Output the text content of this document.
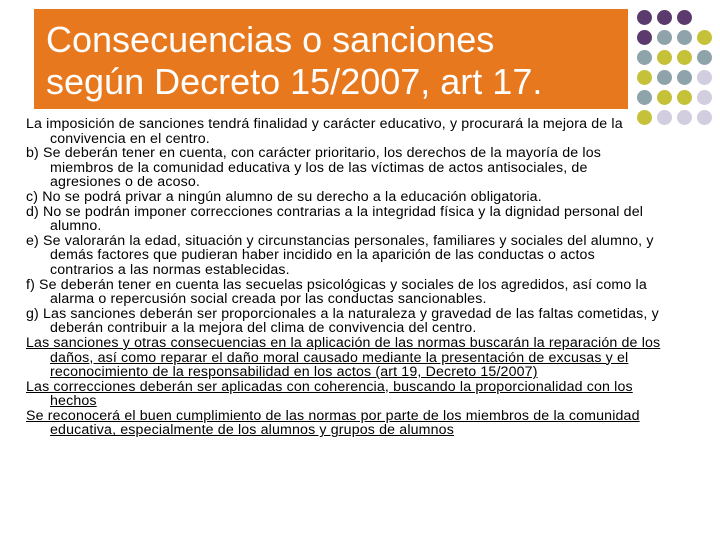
Consecuencias o sanciones
según Decreto 15/2007, art 17.

La imposición de sanciones tendrá finalidad y carácter educativo, y procurará la mejora de la convivencia en el centro.

b) Se deberán tener en cuenta, con carácter prioritario, los derechos de la mayoría de los miembros de la comunidad educativa y los de las víctimas de actos antisociales, de agresiones o de acoso.

c) No se podrá privar a ningún alumno de su derecho a la educación obligatoria.

d) No se podrán imponer correcciones contrarias a la integridad física y la dignidad personal del alumno.

e) Se valorarán la edad, situación y circunstancias personales, familiares y sociales del alumno, y demás factores que pudieran haber incidido en la aparición de las conductas o actos contrarios a las normas establecidas.

f) Se deberán tener en cuenta las secuelas psicológicas y sociales de los agredidos, así como la alarma o repercusión social creada por las conductas sancionables.

g) Las sanciones deberán ser proporcionales a la naturaleza y gravedad de las faltas cometidas, y deberán contribuir a la mejora del clima de convivencia del centro.

Las sanciones y otras consecuencias en la aplicación de las normas buscarán la reparación de los daños, así como reparar el daño moral causado mediante la presentación de excusas y el reconocimiento de la responsabilidad en los actos (art 19, Decreto 15/2007)

Las correcciones deberán ser aplicadas con coherencia, buscando la proporcionalidad con los hechos

Se reconocerá el buen cumplimiento de las normas por parte de los miembros de la comunidad educativa, especialmente de los alumnos y grupos de alumnos
